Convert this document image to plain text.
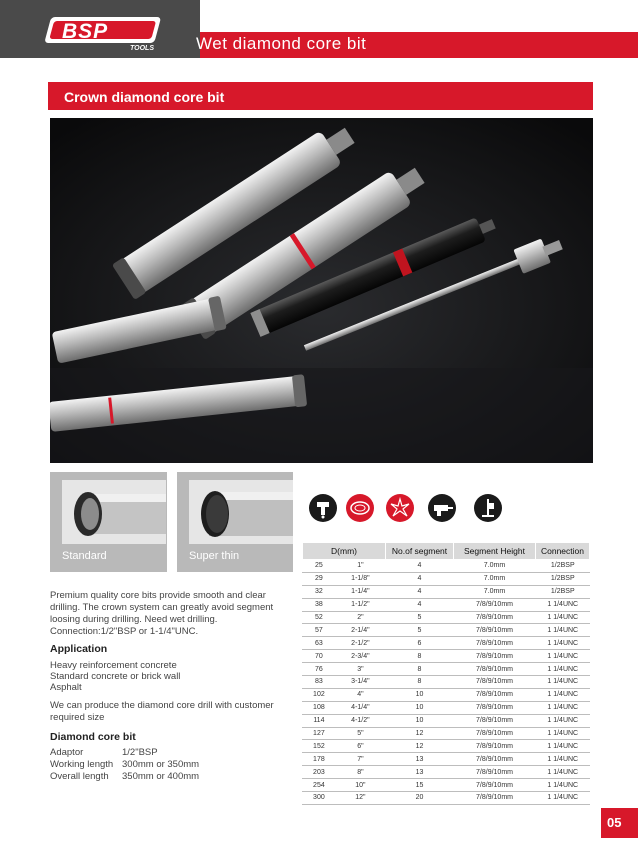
BSP
TOOLS Wet diamond core bit
Crown diamond core bit
Standard	Super thin
Premium quality core bits provide smooth and clear drilling. The crown system can greatly avoid segment loosing during drilling. Need wet drilling. Connection:1/2"BSP or 1-1/4"UNC.
Application
Heavy reinforcement concrete
Standard concrete or brick wall
Asphalt
We can produce the diamond core drill with customer required size
Diamond core bit
Adaptor	1/2"BSP
Working length 300mm or 350mm
Overall length 350mm or 400mm
D(mm)		No.of segment	Segment Height	Connection
25	1"	4	7.0mm	1/2BSP
29	1-1/8"	4	7.0mm	1/2BSP
32	1-1/4"	4	7.0mm	1/2BSP
38	1-1/2"	4	7/8/9/10mm	1 1/4UNC
52	2"	5	7/8/9/10mm	1 1/4UNC
57	2-1/4"	5	7/8/9/10mm	1 1/4UNC
63	2-1/2"	6	7/8/9/10mm	1 1/4UNC
70	2-3/4"	8	7/8/9/10mm	1 1/4UNC
76	3"	8	7/8/9/10mm	1 1/4UNC
83	3-1/4"	8	7/8/9/10mm	1 1/4UNC
102	4"	10	7/8/9/10mm	1 1/4UNC
108	4-1/4"	10	7/8/9/10mm	1 1/4UNC
114	4-1/2"	10	7/8/9/10mm	1 1/4UNC
127	5"	12	7/8/9/10mm	1 1/4UNC
152	6"	12	7/8/9/10mm	1 1/4UNC
178	7"	13	7/8/9/10mm	1 1/4UNC
203	8"	13	7/8/9/10mm	1 1/4UNC
254	10"	15	7/8/9/10mm	1 1/4UNC
300	12"	20	7/8/9/10mm	1 1/4UNC
05
